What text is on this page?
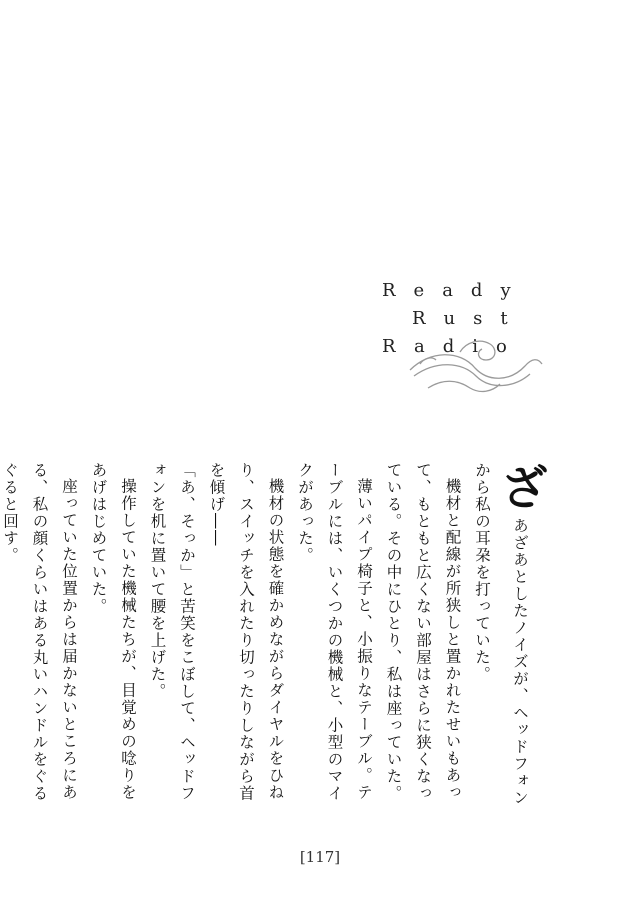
Ready
Rust
Radio

ざあざあとしたノイズが、ヘッドフォンから私の耳朶を打っていた。

機材と配線が所狭しと置かれたせいもあって、もともと広くない部屋はさらに狭くなっている。その中にひとり、私は座っていた。

薄いパイプ椅子と、小振りなテーブル。テーブルには、いくつかの機械と、小型のマイクがあった。

機材の状態を確かめながらダイヤルをひねり、スイッチを入れたり切ったりしながら首を傾げ――

「あ、そっか」と苦笑をこぼして、ヘッドフォンを机に置いて腰を上げた。

操作していた機械たちが、目覚めの唸りをあげはじめていた。

座っていた位置からは届かないところにある、私の顔くらいはある丸いハンドルをぐるぐると回す。

[117]
